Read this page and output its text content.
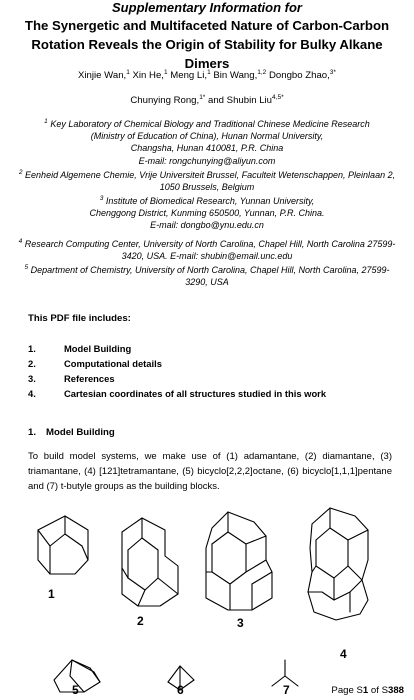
Supplementary Information for
The Synergetic and Multifaceted Nature of Carbon-Carbon
Rotation Reveals the Origin of Stability for Bulky Alkane Dimers
Xinjie Wan,$^1$ Xin He,$^1$ Meng Li,$^1$ Bin Wang,$^{1,2}$ Dongbo Zhao,$^{3*}$
Chunying Rong,$^{1*}$ and Shubin Liu$^{4,5*}$
$^1$ Key Laboratory of Chemical Biology and Traditional Chinese Medicine Research
(Ministry of Education of China), Hunan Normal University,
Changsha, Hunan 410081, P.R. China
E-mail: rongchunying@aliyun.com
$^2$ Eenheid Algemene Chemie, Vrije Universiteit Brussel, Faculteit Wetenschappen, Pleinlaan 2,
1050 Brussels, Belgium
$^3$ Institute of Biomedical Research, Yunnan University,
Chenggong District, Kunming 650500, Yunnan, P.R. China.
E-mail: dongbo@ynu.edu.cn
$^4$ Research Computing Center, University of North Carolina, Chapel Hill, North Carolina 27599-
3420, USA. E-mail: shubin@email.unc.edu
$^5$ Department of Chemistry, University of North Carolina, Chapel Hill, North Carolina, 27599-
3290, USA
This PDF file includes:
1.	Model Building
2.	Computational details
3.	References
4.	Cartesian coordinates of all structures studied in this work
1.	Model Building
To build model systems, we make use of (1) adamantane, (2) diamantane, (3) triamantane, (4) [121]tetramantane, (5) bicyclo[2,2,2]octane, (6) bicyclo[1,1,1]pentane and (7) t-butyle groups as the building blocks.
1
2	3
4
5	6	7	Page S1 of S388
